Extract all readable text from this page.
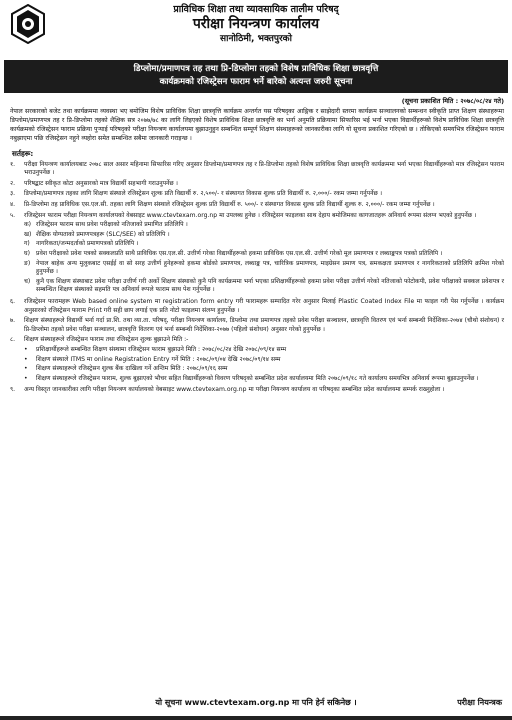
प्राविधिक शिक्षा तथा व्यावसायिक तालीम परिषद्
परीक्षा नियन्त्रण कार्यालय
सानोठिमी, भक्तपुरको
डिप्लोमा/प्रमाणपत्र तह तथा प्रि-डिप्लोमा तहको विशेष प्राविधिक शिक्षा छात्रवृत्ति
कार्यक्रमको रजिस्ट्रेसन फाराम भर्ने बारेको अत्यन्त जरुरी सूचना
(सूचना प्रकाशित मिति : २०७८/०८/२४ गते)
नेपाल सरकारको बजेट तथा कार्यक्रममा व्यवस्था भए बमोजिम विशेष प्राविधिक शिक्षा छात्रवृत्ति कार्यक्रम अन्तर्गत यस परिषद्का आङ्गिक र साझेदारी स्तरमा कार्यक्रम सञ्चालनको सम्बन्धन स्वीकृति प्राप्त शिक्षण संस्थाहरूमा डिप्लोमा/प्रमाणपत्र तह र प्रि-डिप्लोमा तहको शैक्षिक सत्र २०७७/७८ का लागि लिइएको विशेष प्राविधिक शिक्षा छात्रवृत्ति का भर्ना अनुमति प्रक्रियामा सिफारिस भई भर्ना भएका विद्यार्थीहरूको विशेष प्राविधिक शिक्षा छात्रवृत्ति कार्यक्रमको रजिस्ट्रेसन फाराम प्रक्रिया पुऱ्याई परिषद्को परीक्षा नियन्त्रण कार्यालयमा बुझाउनुहुन सम्बन्धित सम्पूर्ण शिक्षण संस्थाहरूको जानकारीका लागि यो सूचना प्रकाशित गरिएको छ । तोकिएको समयभित्र रजिस्ट्रेसन फाराम नबुझाएमा पछि रजिस्ट्रेसन नहुने व्यहोरा समेत सम्बन्धित सबैमा जानकारी गराइन्छ ।
सर्तहरू:
१.	परीक्षा नियन्त्रण कार्यालयबाट २०७८ साल असार महिनामा सिफारिस गरिए अनुसार डिप्लोमा/प्रमाणपत्र तह र प्रि-डिप्लोमा तहको विशेष प्राविधिक शिक्षा छात्रवृत्ति कार्यक्रममा भर्ना भएका विद्यार्थीहरूको मात्र रजिस्ट्रेसन फाराम भराउनुपर्नेछ ।
२.	परिषद्बाट स्वीकृत कोटा अनुसारको मात्र विद्यार्थी सहभागी गराउनुपर्नेछ ।
३.	डिप्लोमा/प्रमाणपत्र तहका लागि शिक्षण संस्थाले रजिस्ट्रेसन शुल्क प्रति विद्यार्थी रु. २,५००/- र संस्थागत विकास शुल्क प्रति विद्यार्थी रु. २,०००/- रकम जम्मा गर्नुपर्नेछ ।
४.	प्रि-डिप्लोमा तह प्राविधिक एस.एल.सी. तहका लागि शिक्षण संस्थाले रजिस्ट्रेसन शुल्क प्रति विद्यार्थी रु. ५००/- र संस्थागत विकास शुल्क प्रति विद्यार्थी शुल्क रु. २,०००/- रकम जम्मा गर्नुपर्नेछ ।
५.	रजिस्ट्रेसन फाराम परीक्षा नियन्त्रण कार्यालयको वेबसाइट www.ctevtexam.org.np मा उपलब्ध हुनेछ । रजिस्ट्रेसन फाइलका साथ देहाय बमोजिमका कागजातहरू अनिवार्य रूपमा संलग्न भएको हुनुपर्नेछ ।
क) रजिस्ट्रेसन फाराम साथ प्रवेश परीक्षाको नतिजाको प्रमाणित प्रतिलिपि ।
ख) शैक्षिक योग्यताको प्रमाणपत्रहरू (SLC/SEE) को प्रतिलिपि ।
ग)	नागरिकता/जन्मदर्ताको प्रमाणपत्रको प्रतिलिपि ।
घ) प्रवेश परीक्षाको प्रवेश पत्रको सक्कलप्रति साथै प्राविधिक एस.एल.सी. उत्तीर्ण गरेका विद्यार्थीहरूको हकमा प्राविधिक एस.एल.सी. उत्तीर्ण गरेको मूल प्रमाणपत्र र लब्धाङ्कपत्र पत्रको प्रतिलिपि ।
ङ) नेपाल बाहेक अन्य मुलुकबाट एसईई वा सो सरह उत्तीर्ण हुनेहरूको हकमा बोर्डको प्रमाणपत्र, लब्धाङ्क पत्र, चारित्रिक प्रमाणपत्र, माइग्रेसन प्रमाण पत्र, समकक्षता प्रमाणपत्र र नागरिकताको प्रतिलिपि क्रमिश गरेको हुनुपर्नेछ ।
च) कुनै एक शिक्षण संस्थाबाट प्रवेश परीक्षा उत्तीर्ण गरी अर्को शिक्षण संस्थाको कुनै पनि कार्यक्रममा भर्ना भएका प्रशिक्षार्थीहरूको हकमा प्रवेश परीक्षा उत्तीर्ण गरेको नतिजाको फोटोकपी, प्रवेश परीक्षाको सक्कल प्रवेशपत्र र सम्बन्धित शिक्षण संस्थाको सहमति पत्र अनिवार्य रूपले फाराम साथ पेश गर्नुपर्नेछ ।
६.	रजिस्ट्रेसन फारामहरू Web based online system मा registration form entry गरी फारामहरू सम्पादित गरेर अनुसार मिलाई Plastic Coated Index File मा फाइल गरी पेस गर्नुपर्नेछ । कार्यक्रम अनुसारको रजिस्ट्रेसन फाराम Print गरी सही छाप लगाई एक प्रति नोटो फाइलमा संलग्न हुनुपर्नेछ ।
७.	शिक्षण संस्थाहरूले विद्यार्थी भर्ना गर्दा प्रा.शि. तथा व्या.ता. परिषद्, परीक्षा नियन्त्रण कार्यालय, डिप्लोमा तथा प्रमाणपत्र तहको प्रवेश परीक्षा सञ्चालन, छात्रवृत्ति वितरण एवं भर्ना सम्बन्धी निर्देशिका-२०७४ (चौथो संशोधन) र प्रि-डिप्लोमा तहको प्रवेश परीक्षा सञ्चालन, छात्रवृत्ति वितरण एवं भर्ना सम्बन्धी निर्देशिका-२०७७ (पहिलो संशोधन) अनुसार गरेको हुनुपर्नेछ ।
८.	शिक्षण संस्थाहरूले रजिस्ट्रेसन फाराम तथा रजिस्ट्रेसन शुल्क बुझाउने मिति :-
•	प्रशिक्षार्थीहरूले सम्बन्धित शिक्षण संस्थामा रजिस्ट्रेसन फाराम बुझाउने मिति : २०७८/०८/२४ देखि २०७८/०९/१४ सम्म
•	शिक्षण संस्थाले ITMS मा online Registration Entry गर्ने मिति : २०७८/०९/०४ देखि २०७८/०९/१४ सम्म
•	शिक्षण संस्थाहरूले रजिस्ट्रेसन शुल्क बैंक दाखिला गर्ने अन्तिम मिति : २०७८/०९/१६ सम्म
•	शिक्षण संस्थाहरूले रजिस्ट्रेसन फाराम, शुल्क बुझाएको भौचर सहित विद्यार्थीहरूको विवरण परिषद्को सम्बन्धित प्रदेश कार्यालयमा मिति २०७८/०९/१८ गते कार्यालय समयभित्र अनिवार्य रूपमा बुझाउनुपर्नेछ ।
९.	अन्य विस्तृत जानकारीका लागि परीक्षा नियन्त्रण कार्यालयको वेबसाइट www.ctevtexam.org.np मा परीक्षा नियन्त्रण कार्यालय वा परिषद्का सम्बन्धित प्रदेश कार्यालयमा सम्पर्क राख्नुहोला ।
यो सूचना www.ctevtexam.org.np मा पनि हेर्न सकिनेछ ।	परीक्षा नियन्त्रक
